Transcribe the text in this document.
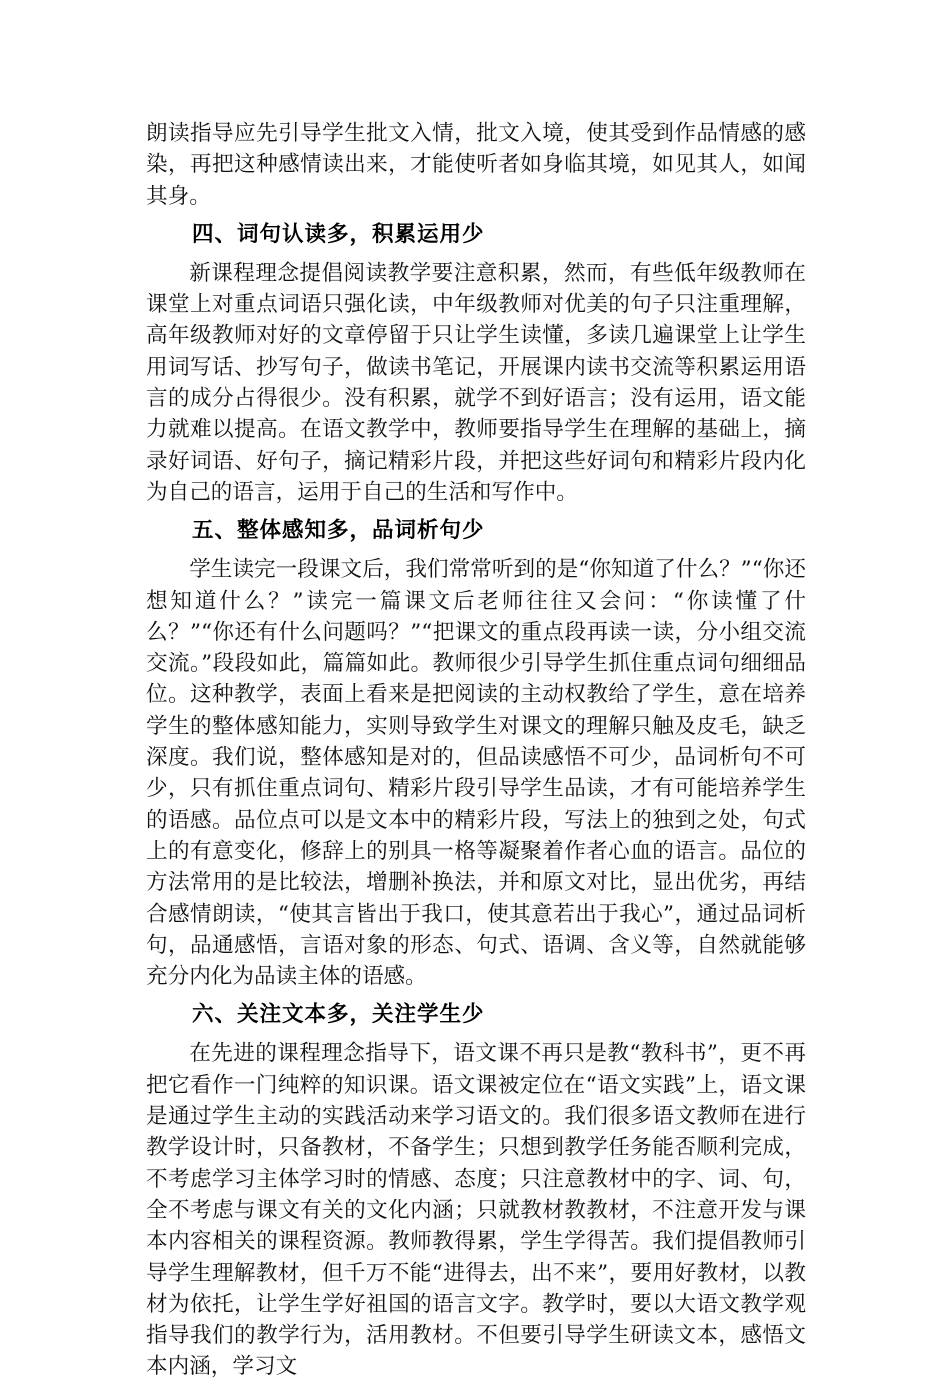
朗读指导应先引导学生批文入情，批文入境，使其受到作品情感的感染，再把这种感情读出来，才能使听者如身临其境，如见其人，如闻其身。

四、词句认读多，积累运用少

新课程理念提倡阅读教学要注意积累，然而，有些低年级教师在课堂上对重点词语只强化读，中年级教师对优美的句子只注重理解，高年级教师对好的文章停留于只让学生读懂，多读几遍课堂上让学生用词写话、抄写句子，做读书笔记，开展课内读书交流等积累运用语言的成分占得很少。没有积累，就学不到好语言；没有运用，语文能力就难以提高。在语文教学中，教师要指导学生在理解的基础上，摘录好词语、好句子，摘记精彩片段，并把这些好词句和精彩片段内化为自己的语言，运用于自己的生活和写作中。

五、整体感知多，品词析句少

学生读完一段课文后，我们常常听到的是“你知道了什么？”“你还想知道什么？”读完一篇课文后老师往往又会问：“你读懂了什么？”“你还有什么问题吗？”“把课文的重点段再读一读，分小组交流交流。”段段如此，篇篇如此。教师很少引导学生抓住重点词句细细品位。这种教学，表面上看来是把阅读的主动权教给了学生，意在培养学生的整体感知能力，实则导致学生对课文的理解只触及皮毛，缺乏深度。我们说，整体感知是对的，但品读感悟不可少，品词析句不可少，只有抓住重点词句、精彩片段引导学生品读，才有可能培养学生的语感。品位点可以是文本中的精彩片段，写法上的独到之处，句式上的有意变化，修辞上的别具一格等凝聚着作者心血的语言。品位的方法常用的是比较法，增删补换法，并和原文对比，显出优劣，再结合感情朗读，“使其言皆出于我口，使其意若出于我心”，通过品词析句，品通感悟，言语对象的形态、句式、语调、含义等，自然就能够充分内化为品读主体的语感。

六、关注文本多，关注学生少

在先进的课程理念指导下，语文课不再只是教“教科书”，更不再把它看作一门纯粹的知识课。语文课被定位在“语文实践”上，语文课是通过学生主动的实践活动来学习语文的。我们很多语文教师在进行教学设计时，只备教材，不备学生；只想到教学任务能否顺利完成，不考虑学习主体学习时的情感、态度；只注意教材中的字、词、句，全不考虑与课文有关的文化内涵；只就教材教教材，不注意开发与课本内容相关的课程资源。教师教得累，学生学得苦。我们提倡教师引导学生理解教材，但千万不能“进得去，出不来”，要用好教材，以教材为依托，让学生学好祖国的语言文字。教学时，要以大语文教学观指导我们的教学行为，活用教材。不但要引导学生研读文本，感悟文本内涵，学习文
